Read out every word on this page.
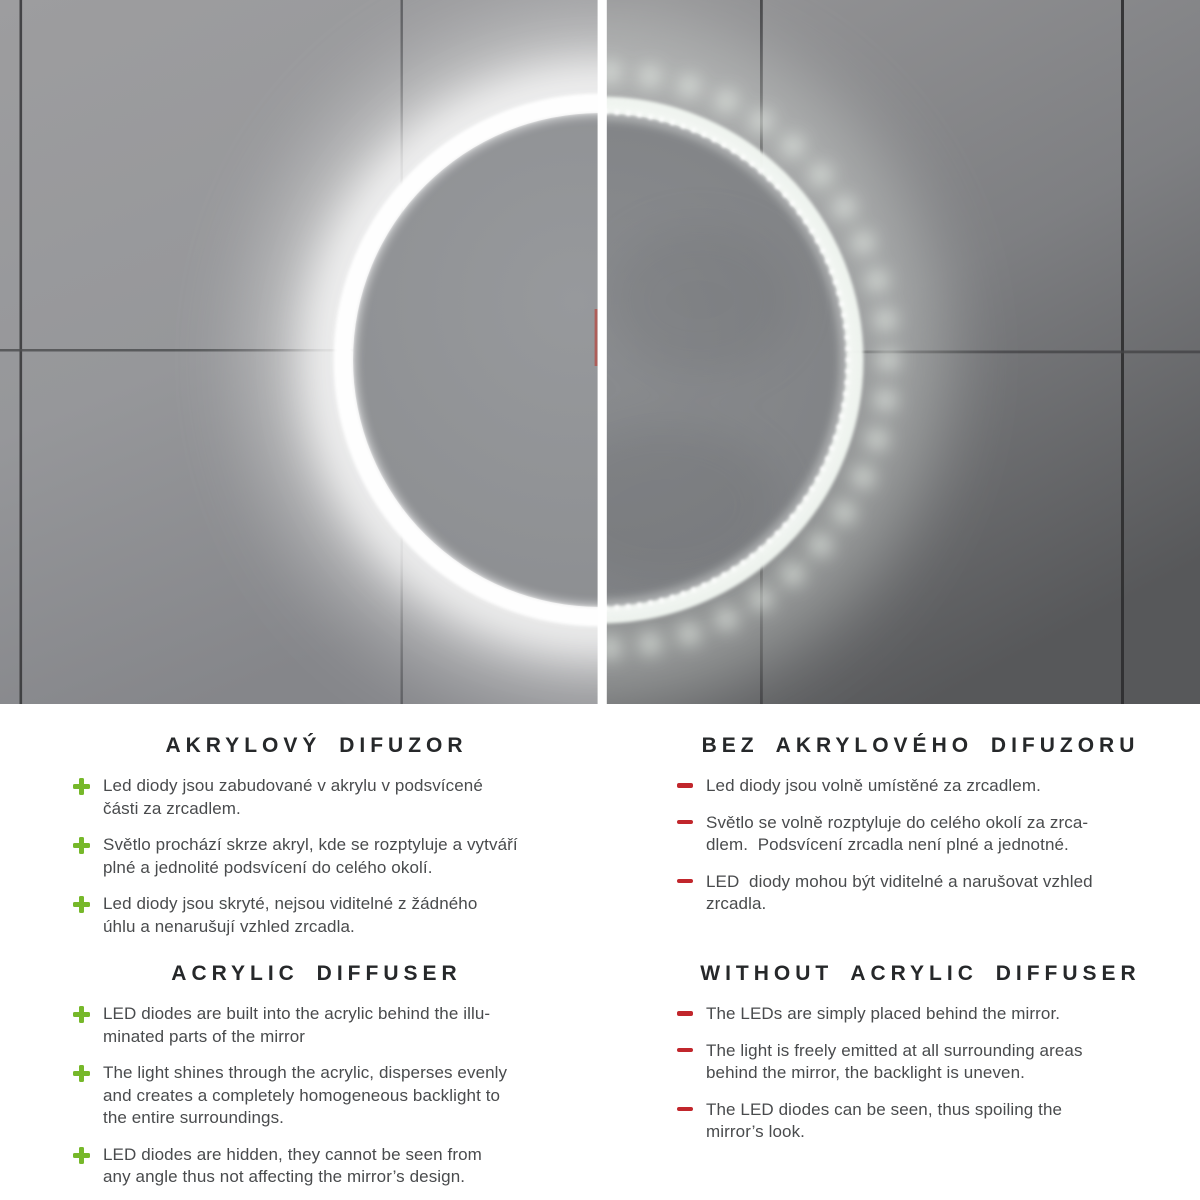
AKRYLOVÝ DIFUZOR

Led diody jsou zabudované v akrylu v podsvícené
části za zrcadlem.

Světlo prochází skrze akryl, kde se rozptyluje a vytváří
plné a jednolité podsvícení do celého okolí.

Led diody jsou skryté, nejsou viditelné z žádného
úhlu a nenarušují vzhled zrcadla.

BEZ AKRYLOVÉHO DIFUZORU

Led diody jsou volně umístěné za zrcadlem.

Světlo se volně rozptyluje do celého okolí za zrca-
dlem.  Podsvícení zrcadla není plné a jednotné.

LED  diody mohou být viditelné a narušovat vzhled
zrcadla.

ACRYLIC DIFFUSER

LED diodes are built into the acrylic behind the illu-
minated parts of the mirror

The light shines through the acrylic, disperses evenly
and creates a completely homogeneous backlight to
the entire surroundings.

LED diodes are hidden, they cannot be seen from
any angle thus not affecting the mirror’s design.

WITHOUT ACRYLIC DIFFUSER

The LEDs are simply placed behind the mirror.

The light is freely emitted at all surrounding areas
behind the mirror, the backlight is uneven.

The LED diodes can be seen, thus spoiling the
mirror’s look.
